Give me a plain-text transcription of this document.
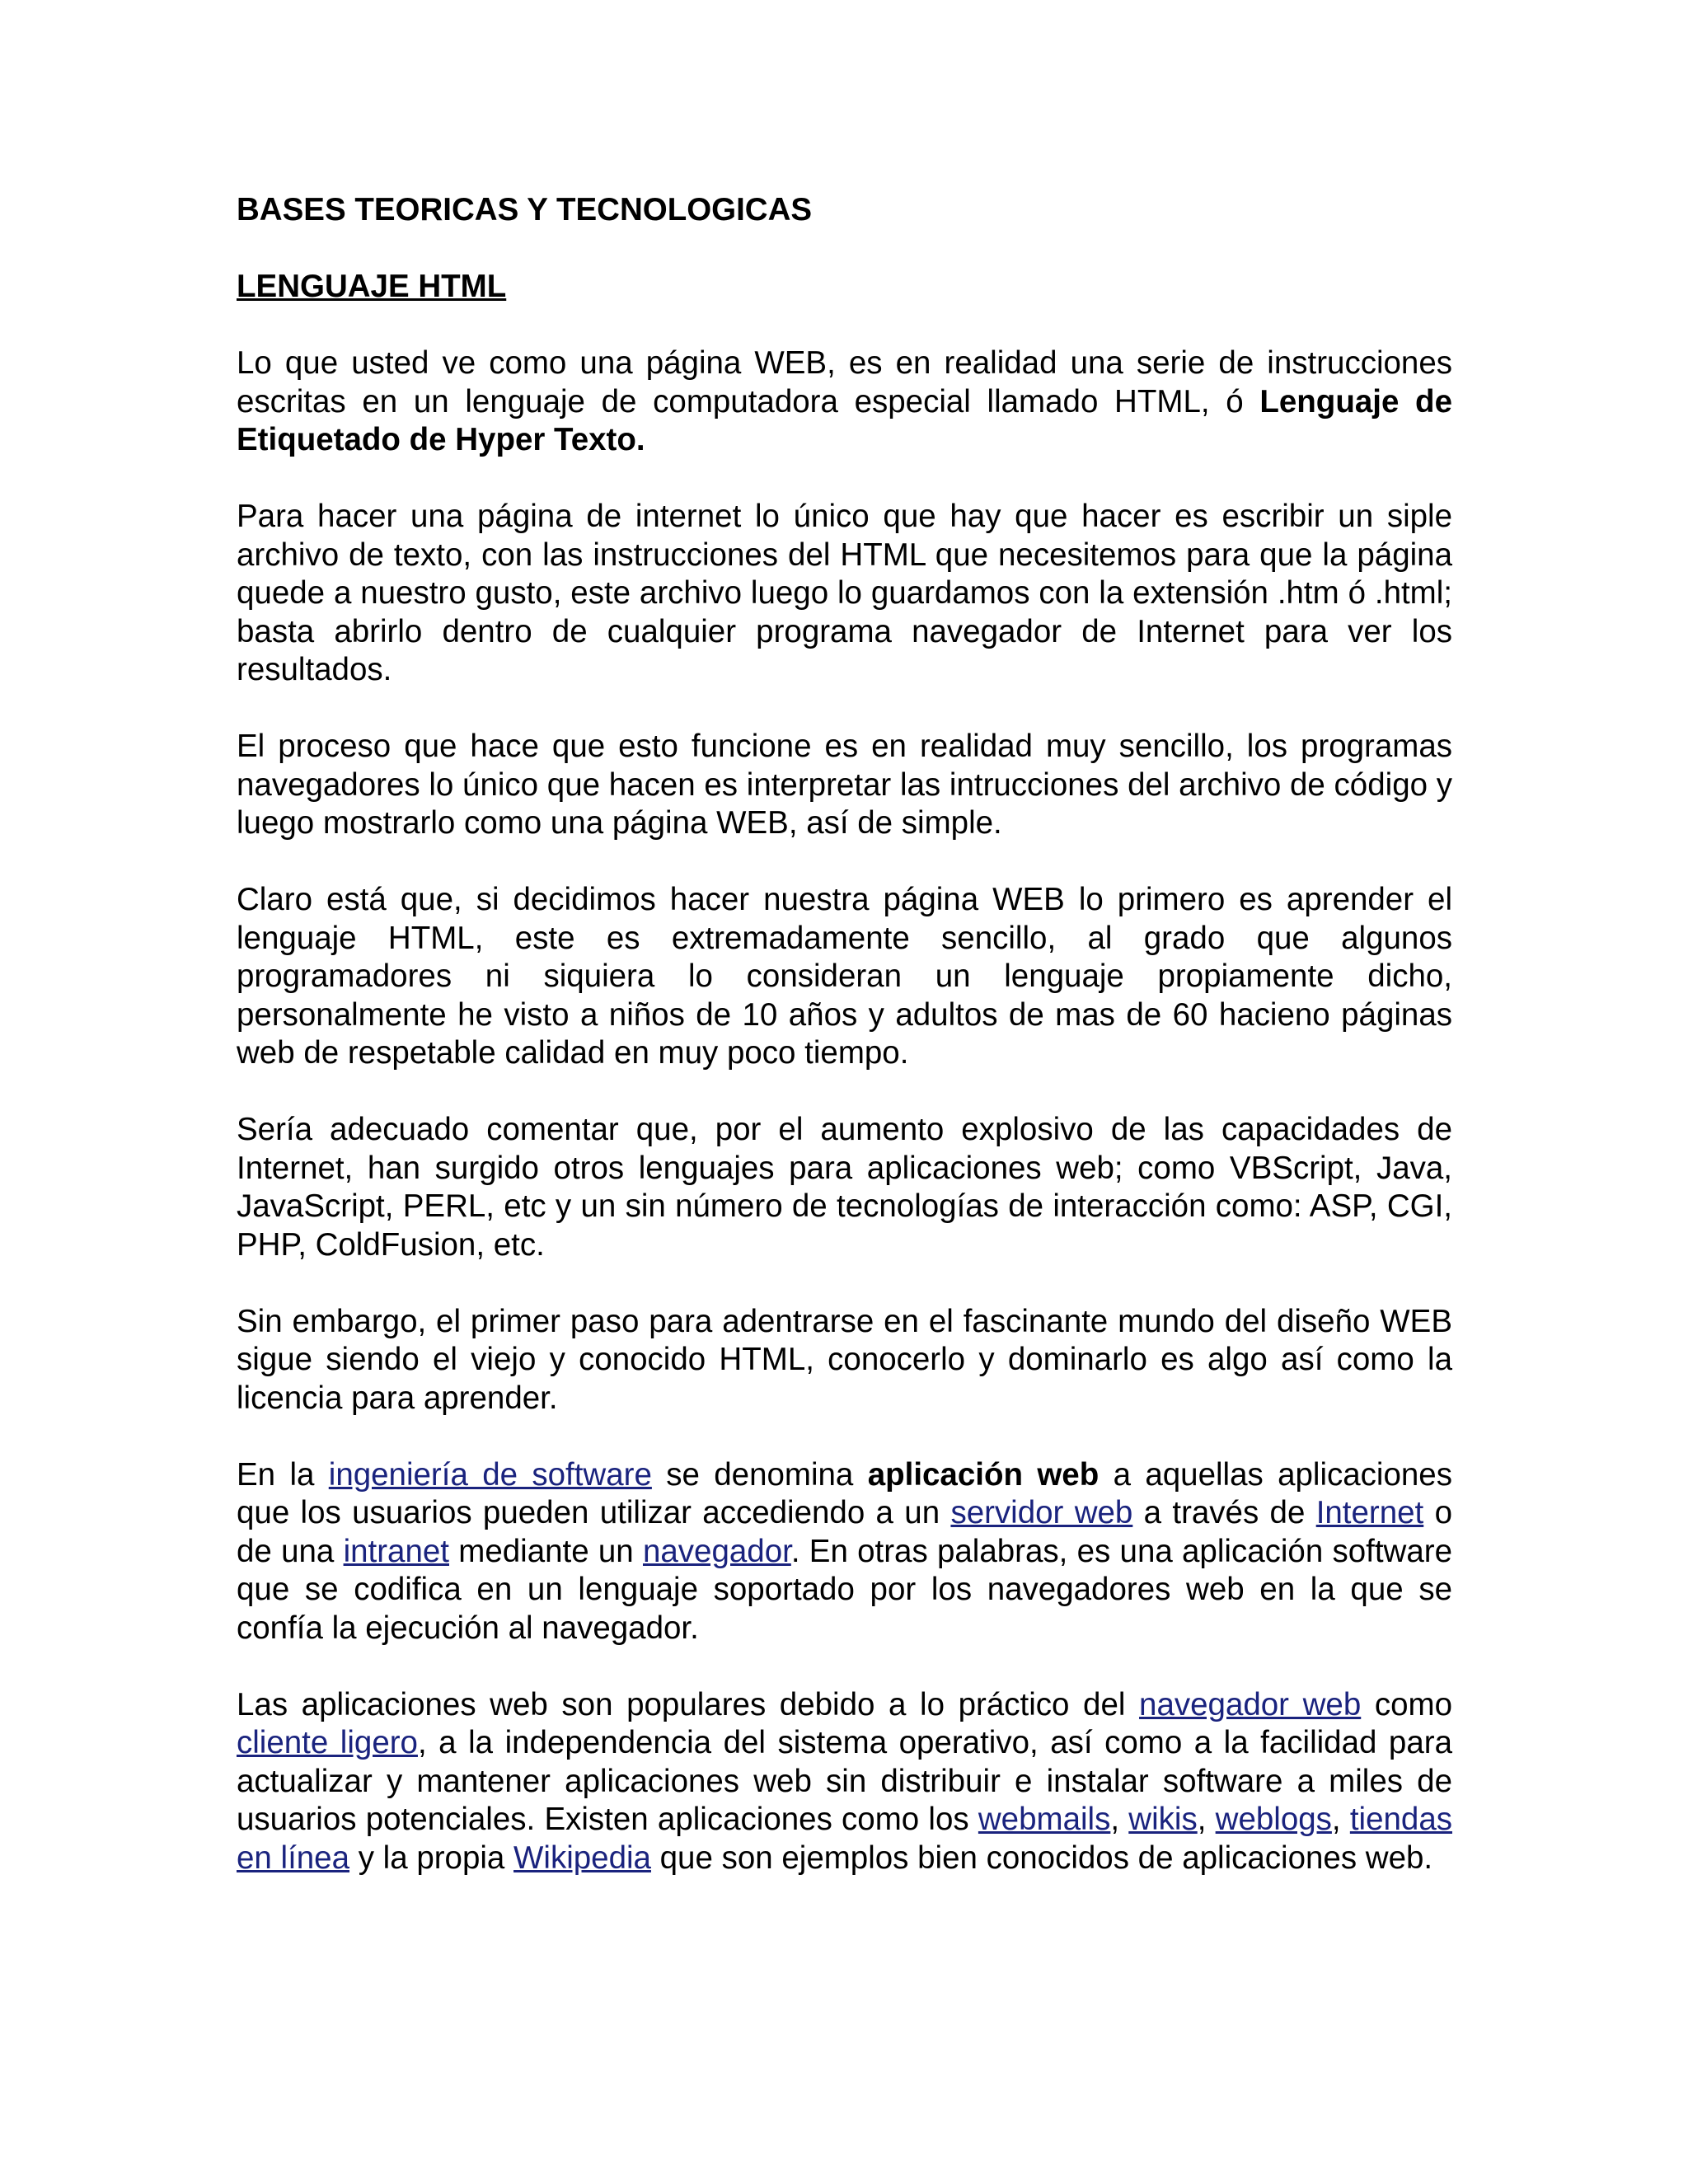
BASES TEORICAS Y TECNOLOGICAS
LENGUAJE HTML
Lo que usted ve como una página WEB, es en realidad una serie de instrucciones escritas en un lenguaje de computadora especial llamado HTML, ó Lenguaje de Etiquetado de Hyper Texto.
Para hacer una página de internet lo único que hay que hacer es escribir un siple archivo de texto, con las instrucciones del HTML que necesitemos para que la página quede a nuestro gusto, este archivo luego lo guardamos con la extensión .htm ó .html; basta abrirlo dentro de cualquier programa navegador de Internet para ver los resultados.
El proceso que hace que esto funcione es en realidad muy sencillo, los programas navegadores lo único que hacen es interpretar las intrucciones del archivo de código y luego mostrarlo como una página WEB, así de simple.
Claro está que, si decidimos hacer nuestra página WEB lo primero es aprender el lenguaje HTML, este es extremadamente sencillo, al grado que algunos programadores ni siquiera lo consideran un lenguaje propiamente dicho, personalmente he visto a niños de 10 años y adultos de mas de 60 hacieno páginas web de respetable calidad en muy poco tiempo.
Sería adecuado comentar que, por el aumento explosivo de las capacidades de Internet, han surgido otros lenguajes para aplicaciones web; como VBScript, Java, JavaScript, PERL, etc y un sin número de tecnologías de interacción como: ASP, CGI, PHP, ColdFusion, etc.
Sin embargo, el primer paso para adentrarse en el fascinante mundo del diseño WEB sigue siendo el viejo y conocido HTML, conocerlo y dominarlo es algo así como la licencia para aprender.
En la ingeniería de software se denomina aplicación web a aquellas aplicaciones que los usuarios pueden utilizar accediendo a un servidor web a través de Internet o de una intranet mediante un navegador. En otras palabras, es una aplicación software que se codifica en un lenguaje soportado por los navegadores web en la que se confía la ejecución al navegador.
Las aplicaciones web son populares debido a lo práctico del navegador web como cliente ligero, a la independencia del sistema operativo, así como a la facilidad para actualizar y mantener aplicaciones web sin distribuir e instalar software a miles de usuarios potenciales. Existen aplicaciones como los webmails, wikis, weblogs, tiendas en línea y la propia Wikipedia que son ejemplos bien conocidos de aplicaciones web.
